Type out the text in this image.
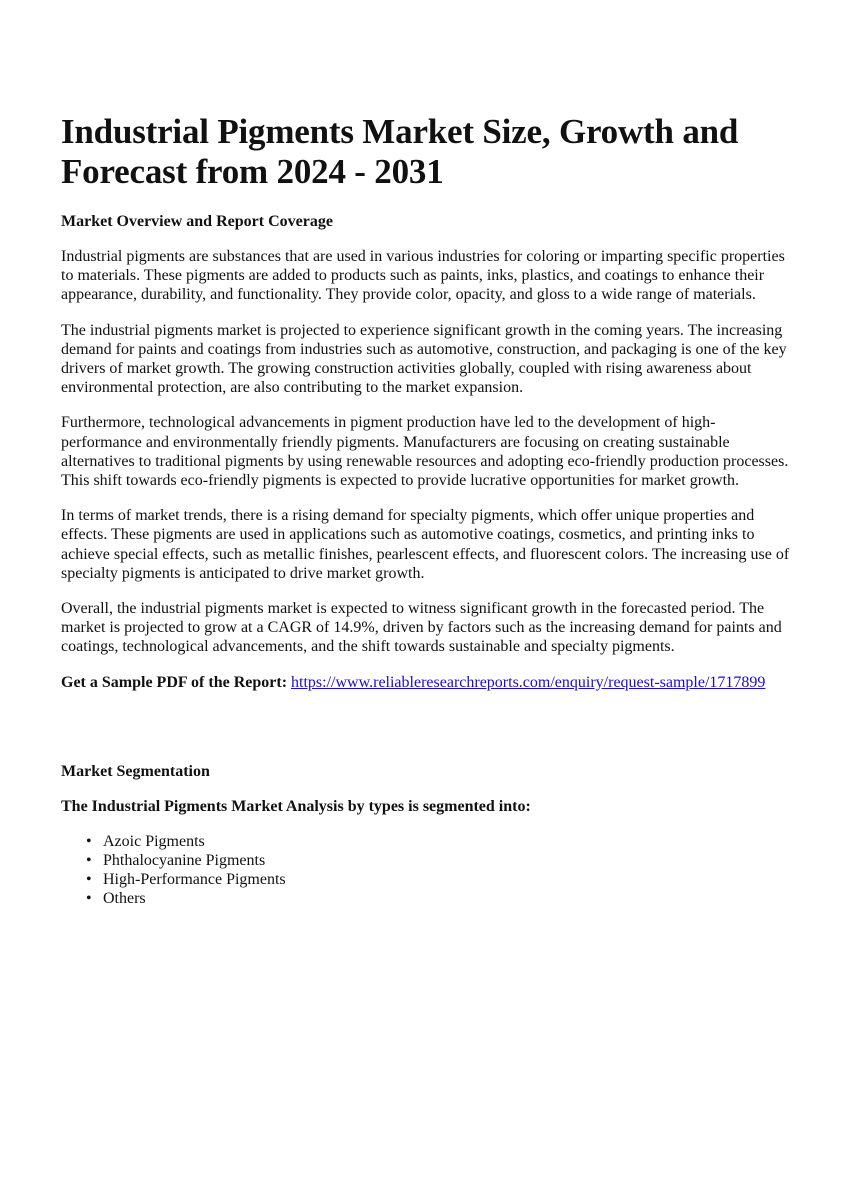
Industrial Pigments Market Size, Growth and Forecast from 2024 - 2031
Market Overview and Report Coverage

Industrial pigments are substances that are used in various industries for coloring or imparting specific properties to materials. These pigments are added to products such as paints, inks, plastics, and coatings to enhance their appearance, durability, and functionality. They provide color, opacity, and gloss to a wide range of materials.

The industrial pigments market is projected to experience significant growth in the coming years. The increasing demand for paints and coatings from industries such as automotive, construction, and packaging is one of the key drivers of market growth. The growing construction activities globally, coupled with rising awareness about environmental protection, are also contributing to the market expansion.

Furthermore, technological advancements in pigment production have led to the development of high-performance and environmentally friendly pigments. Manufacturers are focusing on creating sustainable alternatives to traditional pigments by using renewable resources and adopting eco-friendly production processes. This shift towards eco-friendly pigments is expected to provide lucrative opportunities for market growth.

In terms of market trends, there is a rising demand for specialty pigments, which offer unique properties and effects. These pigments are used in applications such as automotive coatings, cosmetics, and printing inks to achieve special effects, such as metallic finishes, pearlescent effects, and fluorescent colors. The increasing use of specialty pigments is anticipated to drive market growth.

Overall, the industrial pigments market is expected to witness significant growth in the forecasted period. The market is projected to grow at a CAGR of 14.9%, driven by factors such as the increasing demand for paints and coatings, technological advancements, and the shift towards sustainable and specialty pigments.

Get a Sample PDF of the Report: https://www.reliableresearchreports.com/enquiry/request-sample/1717899

Market Segmentation
The Industrial Pigments Market Analysis by types is segmented into:
• Azoic Pigments
• Phthalocyanine Pigments
• High-Performance Pigments
• Others
